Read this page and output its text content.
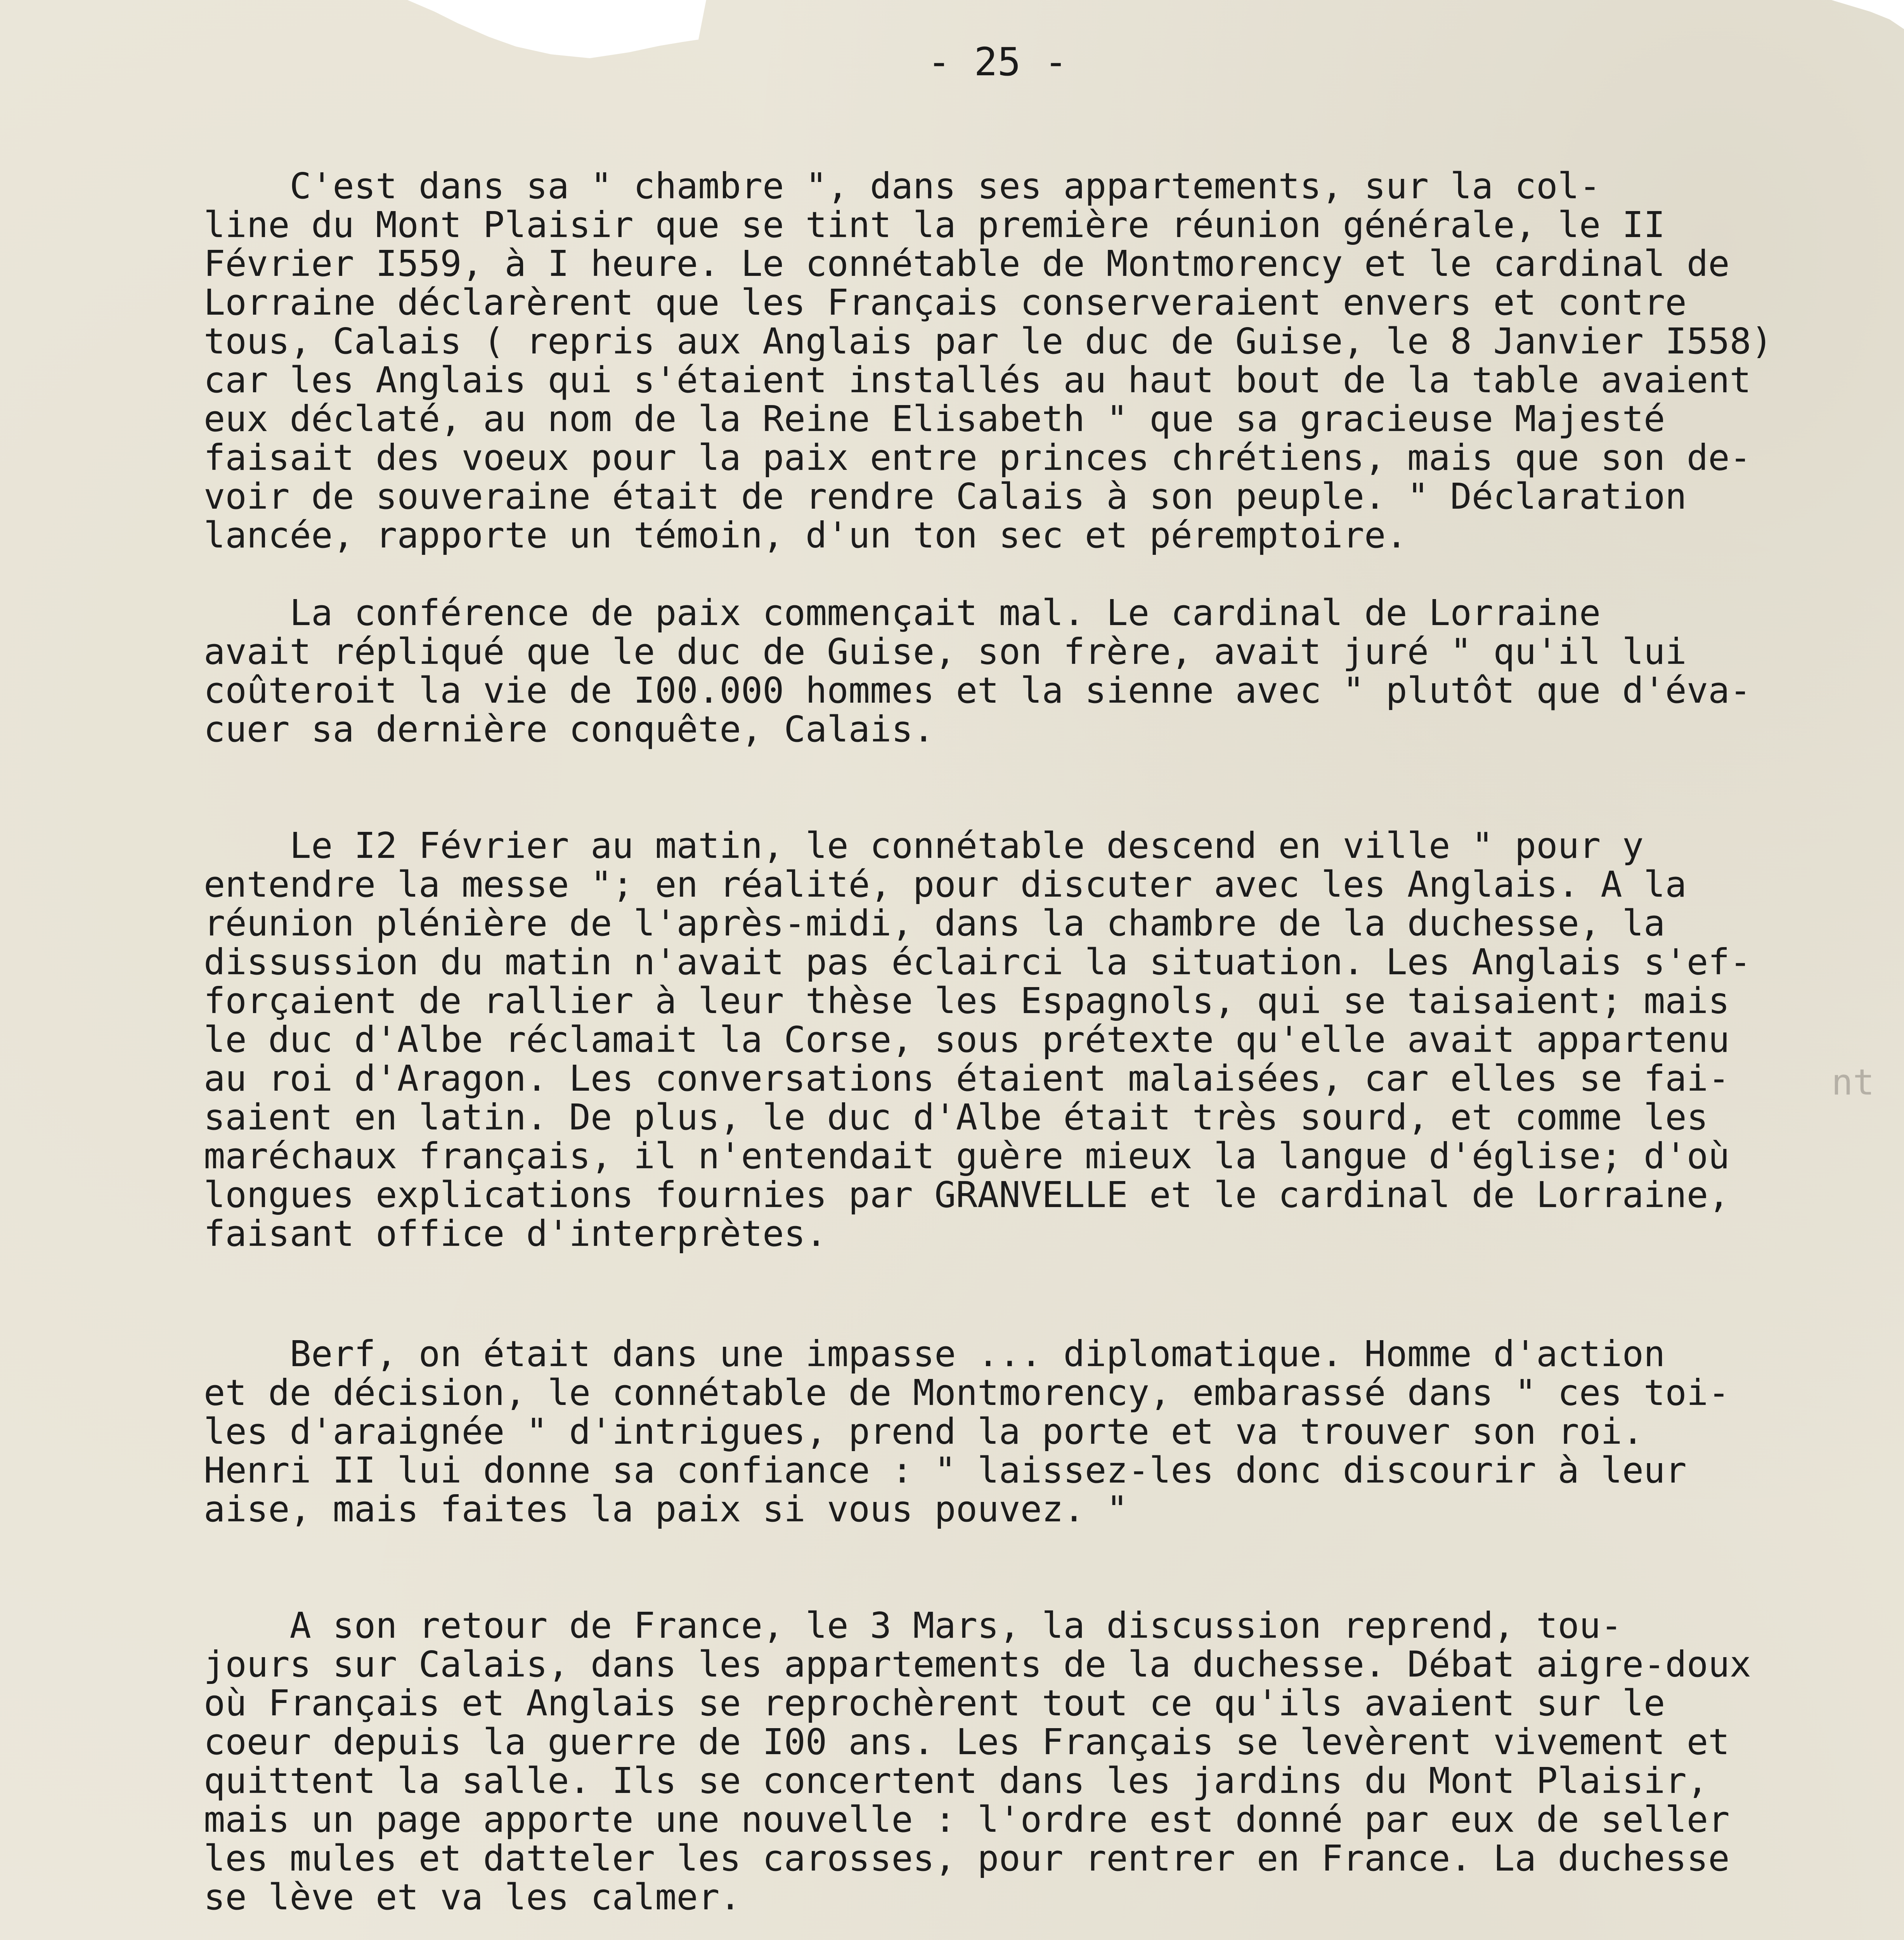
- 25 -
C'est dans sa " chambre ", dans ses appartements, sur la col-
line du Mont Plaisir que se tint la première réunion générale, le II
Février I559, à I heure. Le connétable de Montmorency et le cardinal de
Lorraine déclarèrent que les Français conserveraient envers et contre
tous, Calais ( repris aux Anglais par le duc de Guise, le 8 Janvier I558)
car les Anglais qui s'étaient installés au haut bout de la table avaient
eux déclaté, au nom de la Reine Elisabeth " que sa gracieuse Majesté
faisait des voeux pour la paix entre princes chrétiens, mais que son de-
voir de souveraine était de rendre Calais à son peuple. " Déclaration
lancée, rapporte un témoin, d'un ton sec et péremptoire.
La conférence de paix commençait mal. Le cardinal de Lorraine
avait répliqué que le duc de Guise, son frère, avait juré " qu'il lui
coûteroit la vie de I00.000 hommes et la sienne avec " plutôt que d'éva-
cuer sa dernière conquête, Calais.
Le I2 Février au matin, le connétable descend en ville " pour y
entendre la messe "; en réalité, pour discuter avec les Anglais. A la
réunion plénière de l'après-midi, dans la chambre de la duchesse, la
dissussion du matin n'avait pas éclairci la situation. Les Anglais s'ef-
forçaient de rallier à leur thèse les Espagnols, qui se taisaient; mais
le duc d'Albe réclamait la Corse, sous prétexte qu'elle avait appartenu
au roi d'Aragon. Les conversations étaient malaisées, car elles se fai-
saient en latin. De plus, le duc d'Albe était très sourd, et comme les
maréchaux français, il n'entendait guère mieux la langue d'église; d'où
longues explications fournies par GRANVELLE et le cardinal de Lorraine,
faisant office d'interprètes.
Berf, on était dans une impasse ... diplomatique. Homme d'action
et de décision, le connétable de Montmorency, embarassé dans " ces toi-
les d'araignée " d'intrigues, prend la porte et va trouver son roi.
Henri II lui donne sa confiance : " laissez-les donc discourir à leur
aise, mais faites la paix si vous pouvez. "
A son retour de France, le 3 Mars, la discussion reprend, tou-
jours sur Calais, dans les appartements de la duchesse. Débat aigre-doux
où Français et Anglais se reprochèrent tout ce qu'ils avaient sur le
coeur depuis la guerre de I00 ans. Les Français se levèrent vivement et
quittent la salle. Ils se concertent dans les jardins du Mont Plaisir,
mais un page apporte une nouvelle : l'ordre est donné par eux de seller
les mules et datteler les carosses, pour rentrer en France. La duchesse
se lève et va les calmer.
nt
